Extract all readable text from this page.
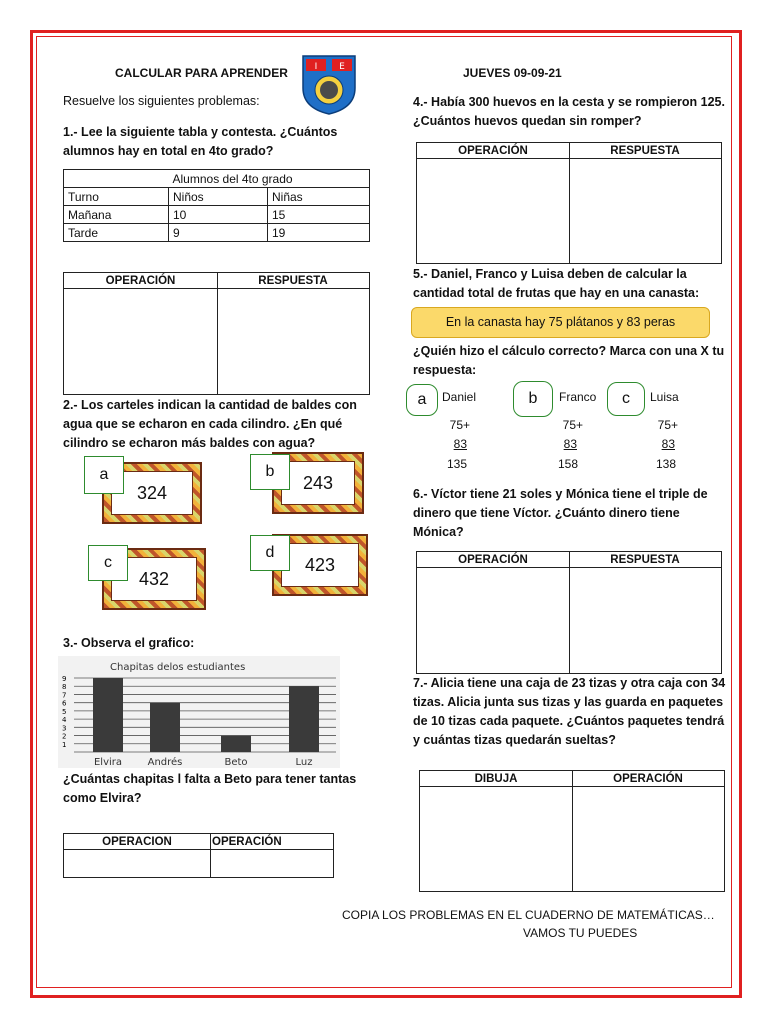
CALCULAR PARA APRENDER	JUEVES 09-09-21
Resuelve los siguientes problemas:
I E
1.- Lee la siguiente tabla y contesta. ¿Cuántos
alumnos hay en total en 4to grado?
	Alumnos del 4to grado	
Turno	Niños	Niñas
Mañana	10	15
Tarde	9	19
OPERACIÓN	RESPUESTA
2.- Los carteles indican la cantidad de baldes con
agua que se echaron en cada cilindro. ¿En qué
cilindro se echaron más baldes con agua?
324
a	243
b
432
c	423
d
3.- Observa el grafico:
Chapitas delos estudiantes
1
2
3
4
5
6
7
8
9
Elvira	Andrés	Beto	Luz
¿Cuántas chapitas l falta a Beto para tener tantas
como Elvira?
OPERACION	OPERACIÓN
4.- Había 300 huevos en la cesta y se rompieron 125.
¿Cuántos huevos quedan sin romper?
OPERACIÓN	RESPUESTA
5.- Daniel, Franco y Luisa deben de calcular la
cantidad total de frutas que hay en una canasta:
En la canasta hay 75 plátanos y 83 peras
¿Quién hizo el cálculo correcto? Marca con una X tu
respuesta:
a	Daniel	b	Franco	c	Luisa
75+
83
135
75+
83
158
75+
83
138
6.- Víctor tiene 21 soles y Mónica tiene el triple de
dinero que tiene Víctor. ¿Cuánto dinero tiene
Mónica?
OPERACIÓN	RESPUESTA
7.- Alicia tiene una caja de 23 tizas y otra caja con 34
tizas. Alicia junta sus tizas y las guarda en paquetes
de 10 tizas cada paquete. ¿Cuántos paquetes tendrá
y cuántas tizas quedarán sueltas?
DIBUJA	OPERACIÓN
COPIA LOS PROBLEMAS EN EL CUADERNO DE MATEMÁTICAS…
VAMOS TU PUEDES
